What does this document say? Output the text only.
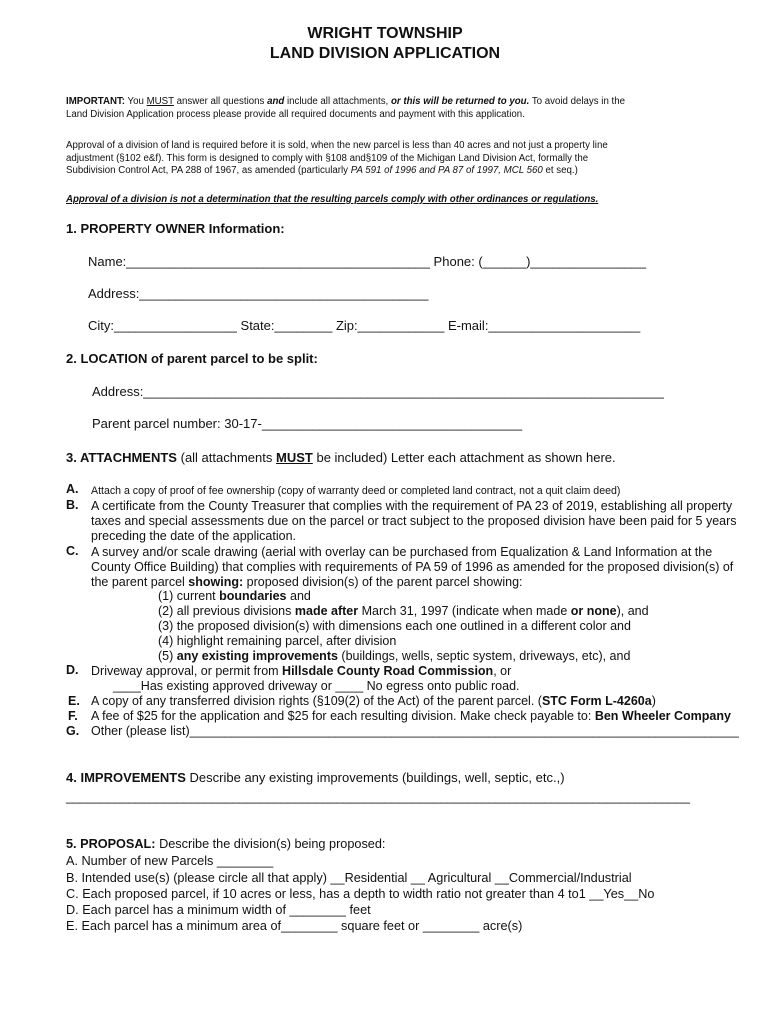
WRIGHT TOWNSHIP
LAND DIVISION APPLICATION
IMPORTANT: You MUST answer all questions and include all attachments, or this will be returned to you. To avoid delays in the
Land Division Application process please provide all required documents and payment with this application.
Approval of a division of land is required before it is sold, when the new parcel is less than 40 acres and not just a property line
adjustment (§102 e&f). This form is designed to comply with §108 and§109 of the Michigan Land Division Act, formally the
Subdivision Control Act, PA 288 of 1967, as amended (particularly PA 591 of 1996 and PA 87 of 1997, MCL 560 et seq.)
Approval of a division is not a determination that the resulting parcels comply with other ordinances or regulations.
1. PROPERTY OWNER Information:
Name:__________________________________________ Phone: (______)________________
Address:________________________________________
City:_________________ State:________ Zip:____________ E-mail:_____________________
2. LOCATION of parent parcel to be split:
Address:________________________________________________________________________
Parent parcel number: 30-17-____________________________________
3. ATTACHMENTS (all attachments MUST be included) Letter each attachment as shown here.
A. Attach a copy of proof of fee ownership (copy of warranty deed or completed land contract, not a quit claim deed)
B. A certificate from the County Treasurer that complies with the requirement of PA 23 of 2019, establishing all property
taxes and special assessments due on the parcel or tract subject to the proposed division have been paid for 5 years
preceding the date of the application.
C. A survey and/or scale drawing (aerial with overlay can be purchased from Equalization & Land Information at the
County Office Building) that complies with requirements of PA 59 of 1996 as amended for the proposed division(s) of
the parent parcel showing: proposed division(s) of the parent parcel showing:
(1) current boundaries and
(2) all previous divisions made after March 31, 1997 (indicate when made or none), and
(3) the proposed division(s) with dimensions each one outlined in a different color and
(4) highlight remaining parcel, after division
(5) any existing improvements (buildings, wells, septic system, driveways, etc), and
D. Driveway approval, or permit from Hillsdale County Road Commission, or
____Has existing approved driveway or ____ No egress onto public road.
E. A copy of any transferred division rights (§109(2) of the Act) of the parent parcel. (STC Form L-4260a)
F. A fee of $25 for the application and $25 for each resulting division. Make check payable to: Ben Wheeler Company
G. Other (please list)_______________________________________________________________________________
4. IMPROVEMENTS Describe any existing improvements (buildings, well, septic, etc.,)
__________________________________________________________________________________________
5. PROPOSAL: Describe the division(s) being proposed:
A. Number of new Parcels ________
B. Intended use(s) (please circle all that apply) __Residential __ Agricultural __Commercial/Industrial
C. Each proposed parcel, if 10 acres or less, has a depth to width ratio not greater than 4 to1 __Yes__No
D. Each parcel has a minimum width of ________ feet
E. Each parcel has a minimum area of________ square feet or ________ acre(s)
